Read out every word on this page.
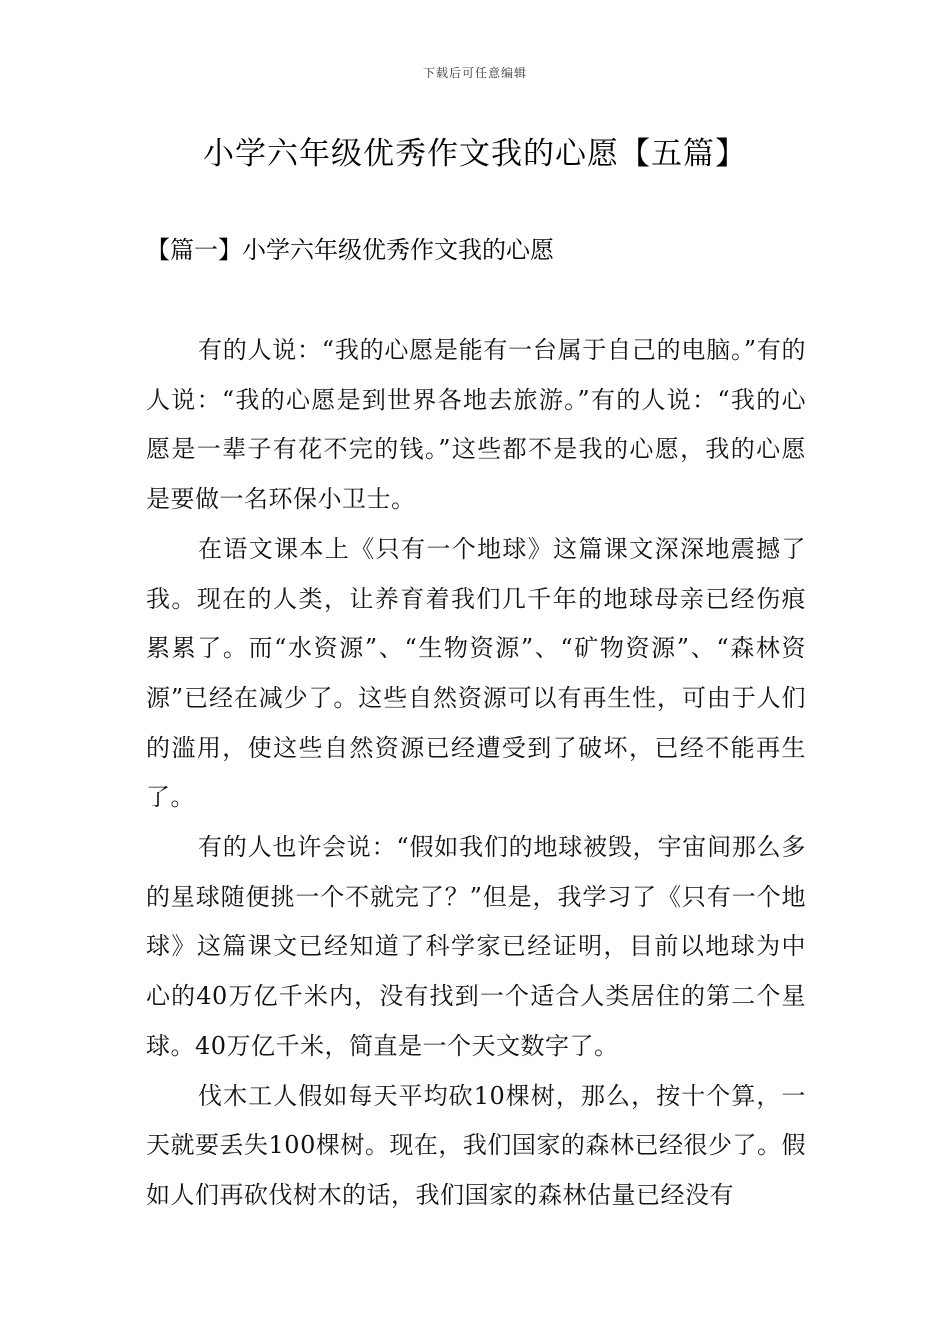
下载后可任意编辑
小学六年级优秀作文我的心愿【五篇】
【篇一】小学六年级优秀作文我的心愿

有的人说：“我的心愿是能有一台属于自己的电脑。”有的人说：“我的心愿是到世界各地去旅游。”有的人说：“我的心愿是一辈子有花不完的钱。”这些都不是我的心愿，我的心愿是要做一名环保小卫士。

在语文课本上《只有一个地球》这篇课文深深地震撼了我。现在的人类，让养育着我们几千年的地球母亲已经伤痕累累了。而“水资源”、“生物资源”、“矿物资源”、“森林资源”已经在减少了。这些自然资源可以有再生性，可由于人们的滥用，使这些自然资源已经遭受到了破坏，已经不能再生了。

有的人也许会说：“假如我们的地球被毁，宇宙间那么多的星球随便挑一个不就完了？”但是，我学习了《只有一个地球》这篇课文已经知道了科学家已经证明，目前以地球为中心的40万亿千米内，没有找到一个适合人类居住的第二个星球。40万亿千米，简直是一个天文数字了。

伐木工人假如每天平均砍10棵树，那么，按十个算，一天就要丢失100棵树。现在，我们国家的森林已经很少了。假如人们再砍伐树木的话，我们国家的森林估量已经没有
